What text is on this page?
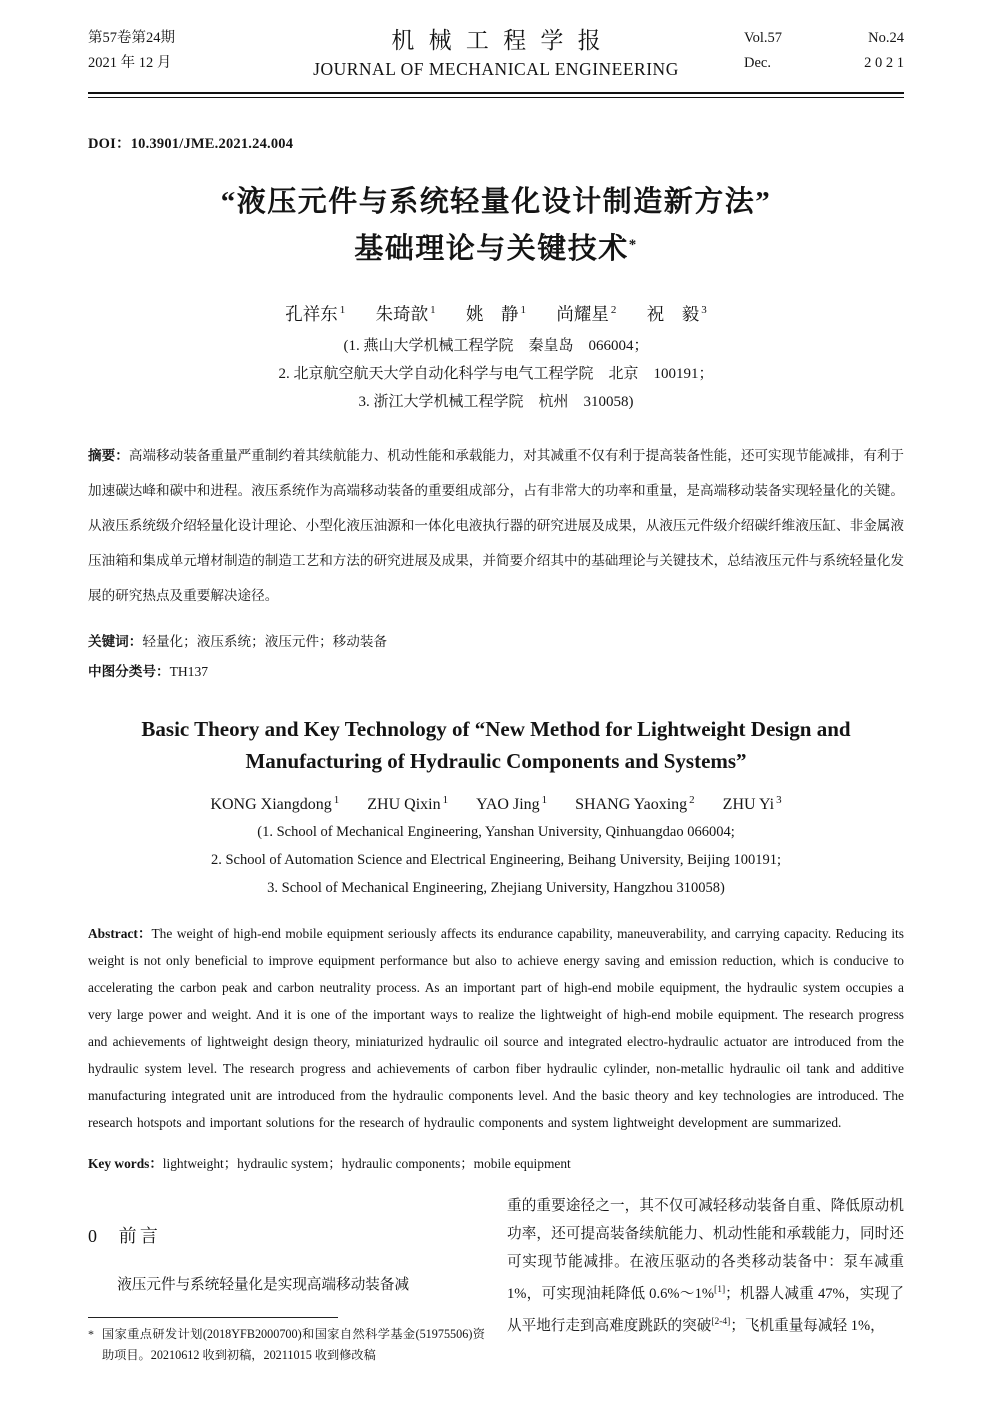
第57卷第24期
2021 年 12 月
机械工程学报
JOURNAL OF MECHANICAL ENGINEERING
Vol.57	No.24
Dec.	2 0 2 1
DOI：10.3901/JME.2021.24.004
“液压元件与系统轻量化设计制造新方法”
基础理论与关键技术*
孔祥东 $^1$ 朱琦歆 $^1$ 姚　静 $^1$ 尚耀星 $^2$ 祝　毅 $^3$
(1. 燕山大学机械工程学院　秦皇岛　066004；
2. 北京航空航天大学自动化科学与电气工程学院　北京　100191；
3. 浙江大学机械工程学院　杭州　310058)

摘要：高端移动装备重量严重制约着其续航能力、机动性能和承载能力，对其减重不仅有利于提高装备性能，还可实现节能减排，有利于加速碳达峰和碳中和进程。液压系统作为高端移动装备的重要组成部分，占有非常大的功率和重量，是高端移动装备实现轻量化的关键。从液压系统级介绍轻量化设计理论、小型化液压油源和一体化电液执行器的研究进展及成果，从液压元件级介绍碳纤维液压缸、非金属液压油箱和集成单元增材制造的制造工艺和方法的研究进展及成果，并简要介绍其中的基础理论与关键技术，总结液压元件与系统轻量化发展的研究热点及重要解决途径。

关键词：轻量化；液压系统；液压元件；移动装备
中图分类号：TH137
Basic Theory and Key Technology of “New Method for Lightweight Design and Manufacturing of Hydraulic Components and Systems”
KONG Xiangdong $^1$ ZHU Qixin $^1$ YAO Jing $^1$ SHANG Yaoxing $^2$ ZHU Yi $^3$
(1. School of Mechanical Engineering, Yanshan University, Qinhuangdao 066004;
2. School of Automation Science and Electrical Engineering, Beihang University, Beijing 100191;
3. School of Mechanical Engineering, Zhejiang University, Hangzhou 310058)

Abstract：The weight of high-end mobile equipment seriously affects its endurance capability, maneuverability, and carrying capacity. Reducing its weight is not only beneficial to improve equipment performance but also to achieve energy saving and emission reduction, which is conducive to accelerating the carbon peak and carbon neutrality process. As an important part of high-end mobile equipment, the hydraulic system occupies a very large power and weight. And it is one of the important ways to realize the lightweight of high-end mobile equipment. The research progress and achievements of lightweight design theory, miniaturized hydraulic oil source and integrated electro-hydraulic actuator are introduced from the hydraulic system level. The research progress and achievements of carbon fiber hydraulic cylinder, non-metallic hydraulic oil tank and additive manufacturing integrated unit are introduced from the hydraulic components level. And the basic theory and key technologies are introduced. The research hotspots and important solutions for the research of hydraulic components and system lightweight development are summarized.

Key words：lightweight；hydraulic system；hydraulic components；mobile equipment
0 前言

液压元件与系统轻量化是实现高端移动装备减

* 国家重点研发计划(2018YFB2000700)和国家自然科学基金(51975506)资助项目。20210612 收到初稿，20211015 收到修改稿

重的重要途径之一，其不仅可减轻移动装备自重、降低原动机功率，还可提高装备续航能力、机动性能和承载能力，同时还可实现节能减排。在液压驱动的各类移动装备中：泵车减重 1%，可实现油耗降低 0.6%～1%[1]；机器人减重 47%，实现了从平地行走到高难度跳跃的突破[2-4]；飞机重量每减轻 1%，
